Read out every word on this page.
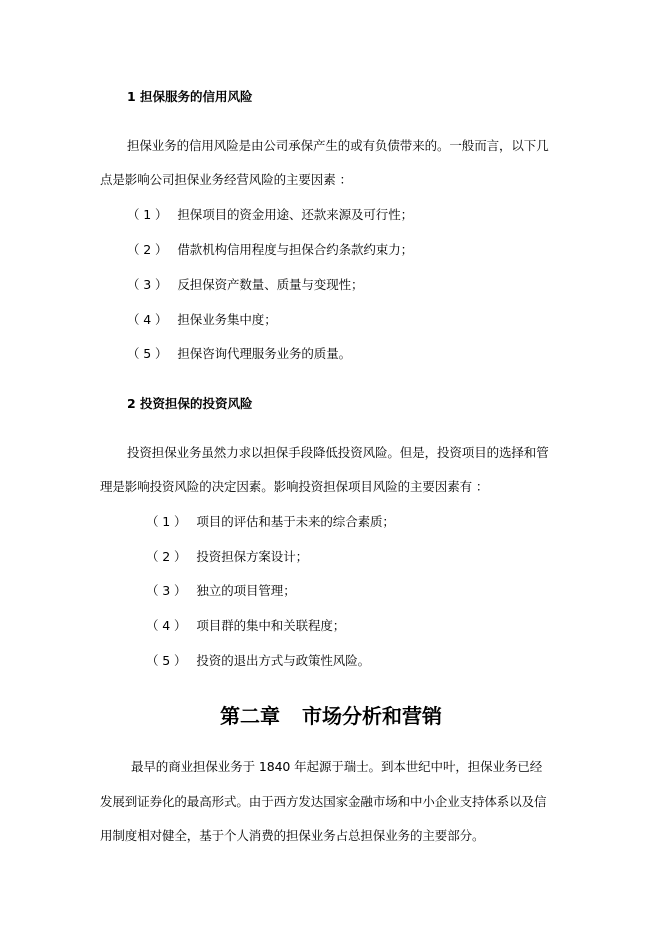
1 担保服务的信用风险
担保业务的信用风险是由公司承保产生的或有负债带来的。一般而言，以下几
点是影响公司担保业务经营风险的主要因素 ：
（ 1 ） 担保项目的资金用途、还款来源及可行性；
（ 2 ） 借款机构信用程度与担保合约条款约束力；
（ 3 ） 反担保资产数量、质量与变现性；
（ 4 ） 担保业务集中度；
（ 5 ） 担保咨询代理服务业务的质量。
2 投资担保的投资风险
投资担保业务虽然力求以担保手段降低投资风险。但是，投资项目的选择和管
理是影响投资风险的决定因素。影响投资担保项目风险的主要因素有 ：
（ 1 ） 项目的评估和基于未来的综合素质；
（ 2 ） 投资担保方案设计；
（ 3 ） 独立的项目管理；
（ 4 ） 项目群的集中和关联程度；
（ 5 ） 投资的退出方式与政策性风险。
第二章 市场分析和营销
最早的商业担保业务于 1840 年起源于瑞士。到本世纪中叶，担保业务已经
发展到证券化的最高形式。由于西方发达国家金融市场和中小企业支持体系以及信
用制度相对健全，基于个人消费的担保业务占总担保业务的主要部分。
